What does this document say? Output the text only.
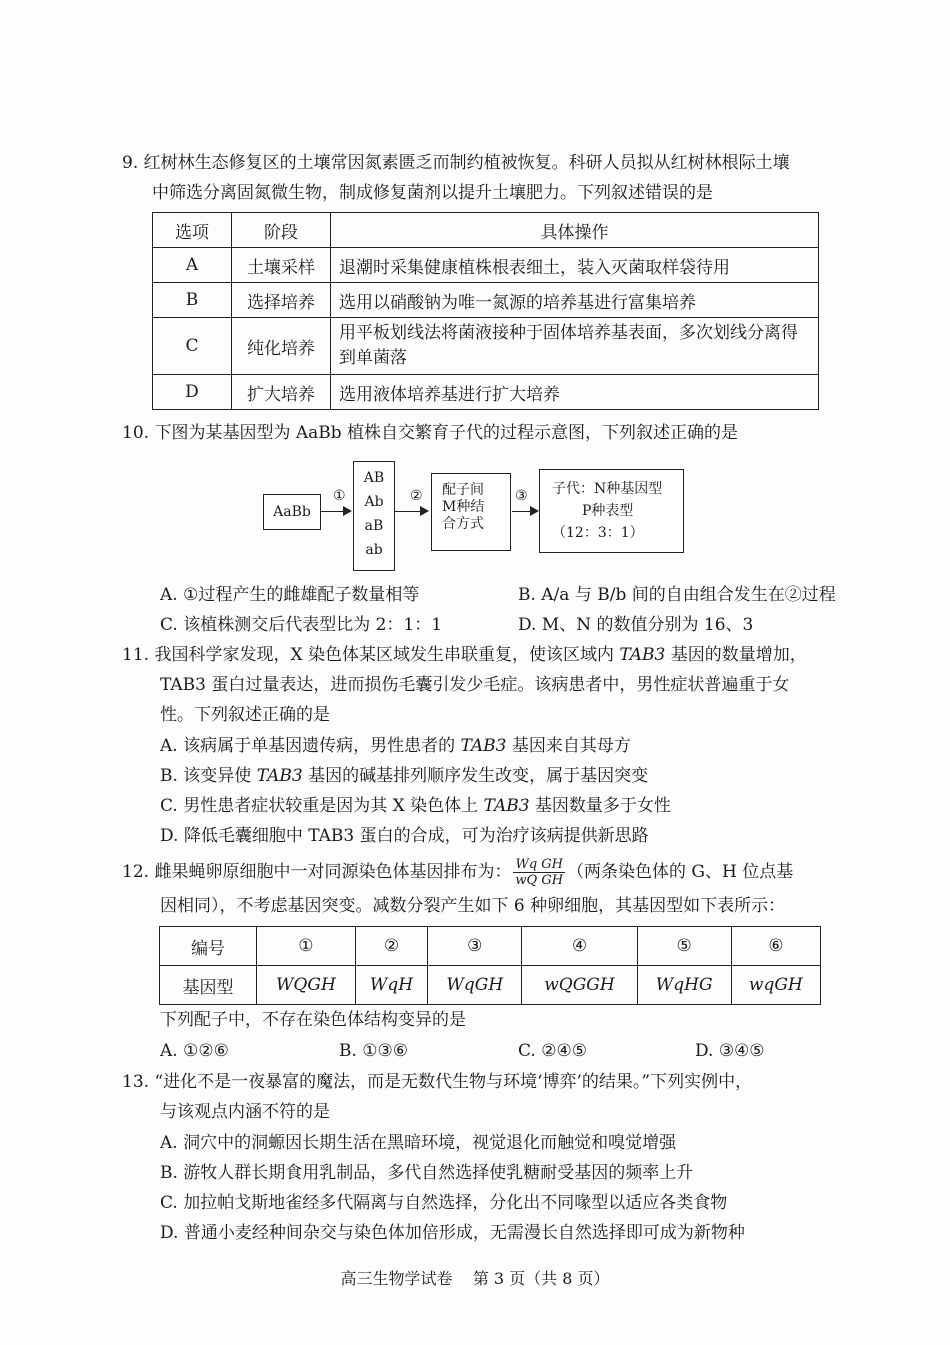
9. 红树林生态修复区的土壤常因氮素匮乏而制约植被恢复。科研人员拟从红树林根际土壤
中筛选分离固氮微生物，制成修复菌剂以提升土壤肥力。下列叙述错误的是
选项	阶段	具体操作
A	土壤采样	退潮时采集健康植株根表细土，装入灭菌取样袋待用
B	选择培养	选用以硝酸钠为唯一氮源的培养基进行富集培养
C	纯化培养	用平板划线法将菌液接种于固体培养基表面，多次划线分离得
到单菌落

D	扩大培养	选用液体培养基进行扩大培养
10. 下图为某基因型为 AaBb 植株自交繁育子代的过程示意图，下列叙述正确的是
AaBb
①
AB
Ab
aB
ab
② 配子间
M种结
合方式
③ 子代：N种基因型
P种表型
（12：3：1）
A. ①过程产生的雌雄配子数量相等	B. A/a 与 B/b 间的自由组合发生在②过程
C. 该植株测交后代表型比为 2：1：1	D. M、N 的数值分别为 16、3
11. 我国科学家发现，X 染色体某区域发生串联重复，使该区域内 TAB3 基因的数量增加，
TAB3 蛋白过量表达，进而损伤毛囊引发少毛症。该病患者中，男性症状普遍重于女
性。下列叙述正确的是
A. 该病属于单基因遗传病，男性患者的 TAB3 基因来自其母方
B. 该变异使 TAB3 基因的碱基排列顺序发生改变，属于基因突变
C. 男性患者症状较重是因为其 X 染色体上 TAB3 基因数量多于女性
D. 降低毛囊细胞中 TAB3 蛋白的合成，可为治疗该病提供新思路
12. 雌果蝇卵原细胞中一对同源染色体基因排布为： $\frac{\text{Wq GH}}{\text{wQ GH}}$ （两条染色体的 G、H 位点基
因相同），不考虑基因突变。减数分裂产生如下 6 种卵细胞，其基因型如下表所示：
编号	①	②	③	④	⑤	⑥
基因型	WQGH	WqH	WqGH	wQGGH	WqHG	wqGH
下列配子中，不存在染色体结构变异的是
A. ①②⑥	B. ①③⑥	C. ②④⑤	D. ③④⑤
13. “进化不是一夜暴富的魔法，而是无数代生物与环境‘博弈’的结果。”下列实例中，
与该观点内涵不符的是
A. 洞穴中的洞螈因长期生活在黑暗环境，视觉退化而触觉和嗅觉增强
B. 游牧人群长期食用乳制品，多代自然选择使乳糖耐受基因的频率上升
C. 加拉帕戈斯地雀经多代隔离与自然选择，分化出不同喙型以适应各类食物
D. 普通小麦经种间杂交与染色体加倍形成，无需漫长自然选择即可成为新物种
高三生物学试卷    第 3 页（共 8 页）
